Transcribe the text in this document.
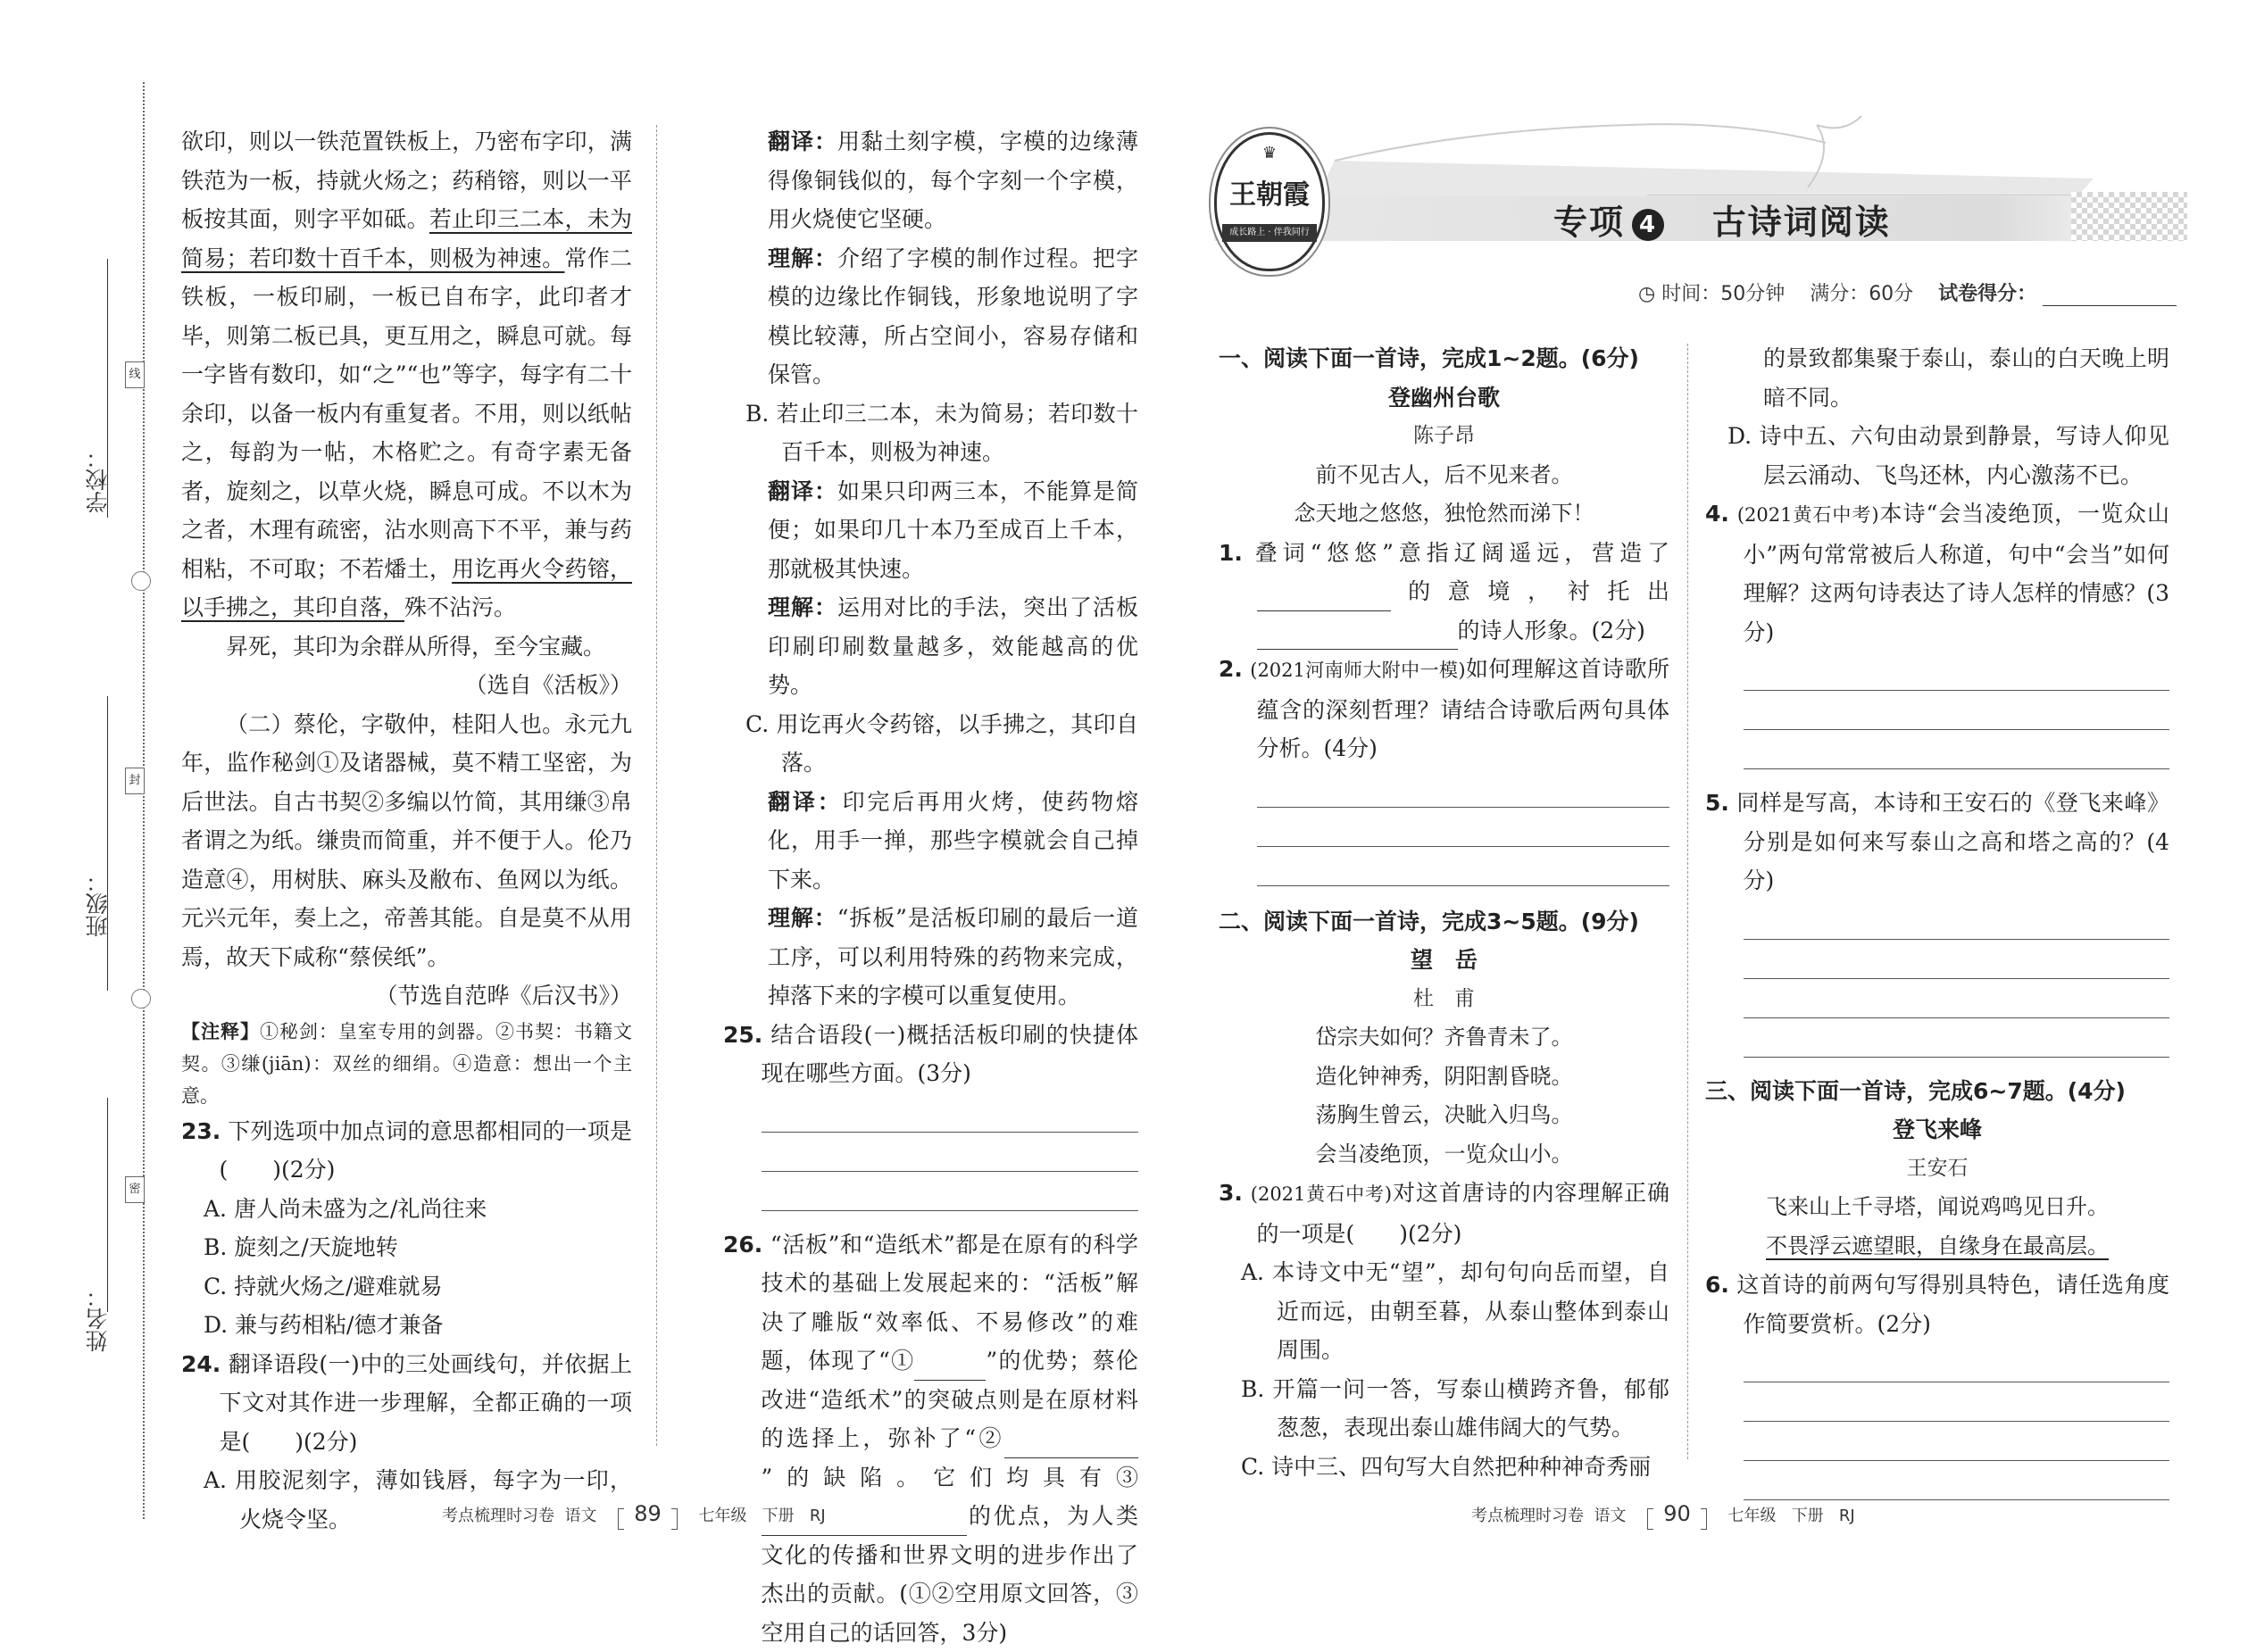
学校：
班级：
姓名：
线
封
密

欲印，则以一铁范置铁板上，乃密布字印，满铁范为一板，持就火炀之；药稍镕，则以一平板按其面，则字平如砥。若止印三二本，未为简易；若印数十百千本，则极为神速。常作二铁板，一板印刷，一板已自布字，此印者才毕，则第二板已具，更互用之，瞬息可就。每一字皆有数印，如“之”“也”等字，每字有二十余印，以备一板内有重复者。不用，则以纸帖之，每韵为一帖，木格贮之。有奇字素无备者，旋刻之，以草火烧，瞬息可成。不以木为之者，木理有疏密，沾水则高下不平，兼与药相粘，不可取；不若燔土，用讫再火令药镕，以手拂之，其印自落，殊不沾污。

昇死，其印为余群从所得，至今宝藏。

（选自《活板》）

（二）蔡伦，字敬仲，桂阳人也。永元九年，监作秘剑①及诸器械，莫不精工坚密，为后世法。自古书契②多编以竹简，其用缣③帛者谓之为纸。缣贵而简重，并不便于人。伦乃造意④，用树肤、麻头及敝布、鱼网以为纸。元兴元年，奏上之，帝善其能。自是莫不从用焉，故天下咸称“蔡侯纸”。

（节选自范晔《后汉书》）

【注释】①秘剑：皇室专用的剑器。②书契：书籍文契。③缣(jiān)：双丝的细绢。④造意：想出一个主意。

23. 下列选项中加点词的意思都相同的一项是(　　)(2分)

A. 唐人尚未盛为之/礼尚往来

B. 旋刻之/天旋地转

C. 持就火炀之/避难就易

D. 兼与药相粘/德才兼备

24. 翻译语段(一)中的三处画线句，并依据上下文对其作进一步理解，全都正确的一项是(　　)(2分)

A. 用胶泥刻字，薄如钱唇，每字为一印，火烧令坚。

翻译：用黏土刻字模，字模的边缘薄得像铜钱似的，每个字刻一个字模，用火烧使它坚硬。

理解：介绍了字模的制作过程。把字模的边缘比作铜钱，形象地说明了字模比较薄，所占空间小，容易存储和保管。

B. 若止印三二本，未为简易；若印数十百千本，则极为神速。

翻译：如果只印两三本，不能算是简便；如果印几十本乃至成百上千本，那就极其快速。

理解：运用对比的手法，突出了活板印刷印刷数量越多，效能越高的优势。

C. 用讫再火令药镕，以手拂之，其印自落。

翻译：印完后再用火烤，使药物熔化，用手一掸，那些字模就会自己掉下来。

理解：“拆板”是活板印刷的最后一道工序，可以利用特殊的药物来完成，掉落下来的字模可以重复使用。

25. 结合语段(一)概括活板印刷的快捷体现在哪些方面。(3分)

26. “活板”和“造纸术”都是在原有的科学技术的基础上发展起来的：“活板”解决了雕版“效率低、不易修改”的难题，体现了“①	”的优势；蔡伦改进“造纸术”的突破点则是在原材料的选择上，弥补了“②”的缺陷。它们均具有③的优点，为人类文化的传播和世界文明的进步作出了杰出的贡献。(①②空用原文回答，③空用自己的话回答，3分)

考点梳理时习卷 语文 89 七年级 下册 RJ
♛
王朝霞
成长路上 · 伴我同行	专项 4 古诗词阅读
◷ 时间：50分钟 满分：60分 试卷得分：

一、阅读下面一首诗，完成1~2题。(6分)

登幽州台歌

陈子昂

前不见古人，后不见来者。

念天地之悠悠，独怆然而涕下！

1. 叠词“悠悠”意指辽阔遥远，营造了的意境，衬托出的诗人形象。(2分)

2. (2021河南师大附中一模)如何理解这首诗歌所蕴含的深刻哲理？请结合诗歌后两句具体分析。(4分)

二、阅读下面一首诗，完成3~5题。(9分)

望　岳

杜　甫

岱宗夫如何？齐鲁青未了。

造化钟神秀，阴阳割昏晓。

荡胸生曾云，决眦入归鸟。

会当凌绝顶，一览众山小。

3. (2021黄石中考)对这首唐诗的内容理解正确的一项是(　　)(2分)

A. 本诗文中无“望”，却句句向岳而望，自近而远，由朝至暮，从泰山整体到泰山周围。

B. 开篇一问一答，写泰山横跨齐鲁，郁郁葱葱，表现出泰山雄伟阔大的气势。

C. 诗中三、四句写大自然把种种神奇秀丽

的景致都集聚于泰山，泰山的白天晚上明暗不同。

D. 诗中五、六句由动景到静景，写诗人仰见层云涌动、飞鸟还林，内心激荡不已。

4. (2021黄石中考)本诗“会当凌绝顶，一览众山小”两句常常被后人称道，句中“会当”如何理解？这两句诗表达了诗人怎样的情感？(3分)

5. 同样是写高，本诗和王安石的《登飞来峰》分别是如何来写泰山之高和塔之高的？(4分)

三、阅读下面一首诗，完成6~7题。(4分)

登飞来峰

王安石

飞来山上千寻塔，闻说鸡鸣见日升。

不畏浮云遮望眼，自缘身在最高层。

6. 这首诗的前两句写得别具特色，请任选角度作简要赏析。(2分)

考点梳理时习卷 语文 90 七年级 下册 RJ
